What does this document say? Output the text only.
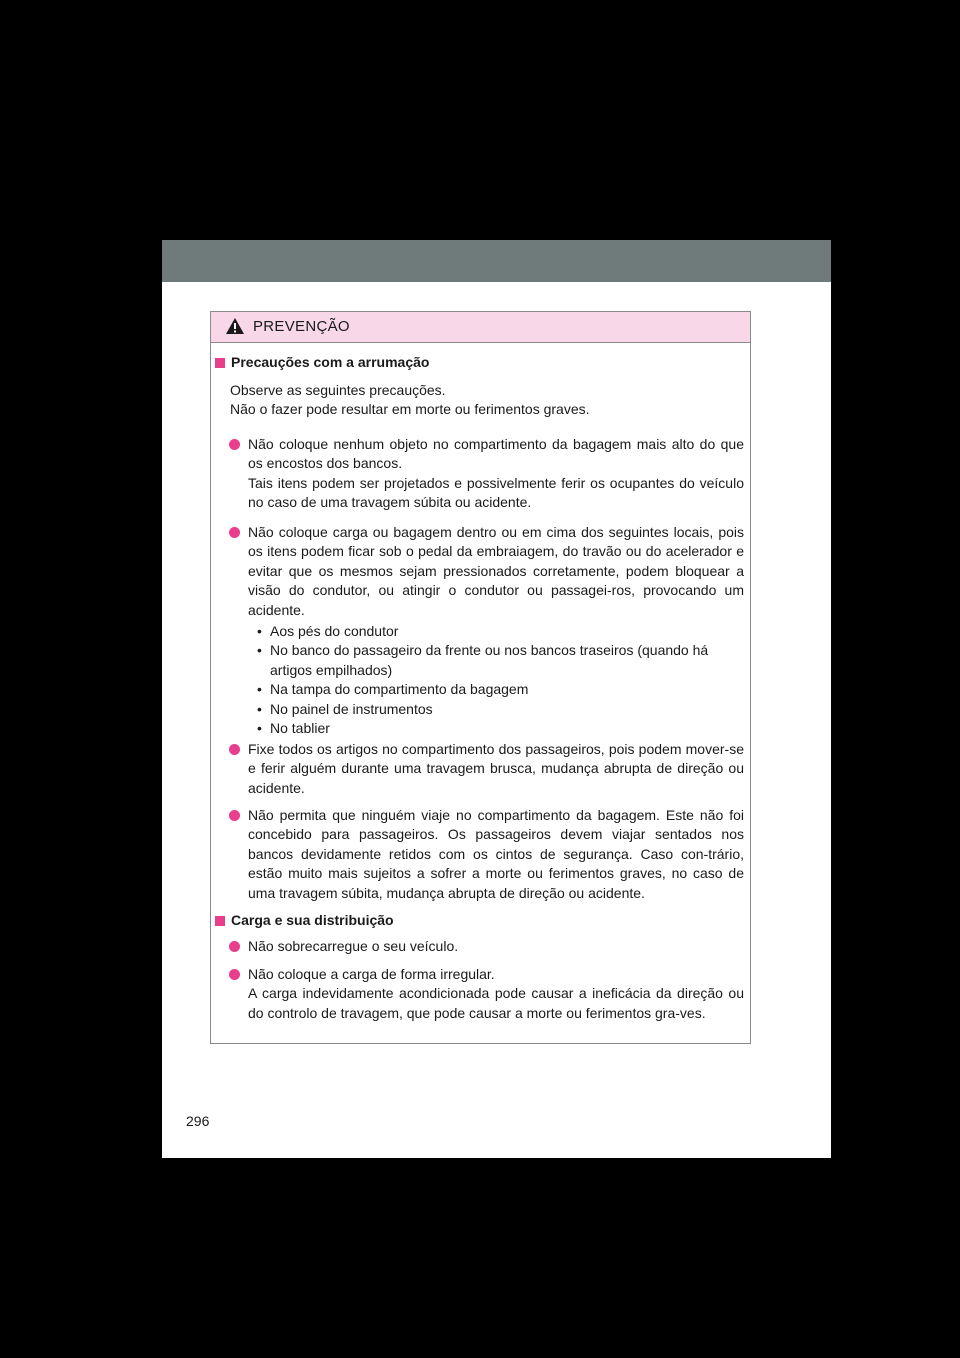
PREVENÇÃO
Precauções com a arrumação
Observe as seguintes precauções.
Não o fazer pode resultar em morte ou ferimentos graves.
Não coloque nenhum objeto no compartimento da bagagem mais alto do que os encostos dos bancos.
Tais itens podem ser projetados e possivelmente ferir os ocupantes do veículo no caso de uma travagem súbita ou acidente.
Não coloque carga ou bagagem dentro ou em cima dos seguintes locais, pois os itens podem ficar sob o pedal da embraiagem, do travão ou do acelerador e evitar que os mesmos sejam pressionados corretamente, podem bloquear a visão do condutor, ou atingir o condutor ou passagei-ros, provocando um acidente.
• Aos pés do condutor
• No banco do passageiro da frente ou nos bancos traseiros (quando há artigos empilhados)
• Na tampa do compartimento da bagagem
• No painel de instrumentos
• No tablier
Fixe todos os artigos no compartimento dos passageiros, pois podem mover-se e ferir alguém durante uma travagem brusca, mudança abrupta de direção ou acidente.
Não permita que ninguém viaje no compartimento da bagagem. Este não foi concebido para passageiros. Os passageiros devem viajar sentados nos bancos devidamente retidos com os cintos de segurança. Caso con-trário, estão muito mais sujeitos a sofrer a morte ou ferimentos graves, no caso de uma travagem súbita, mudança abrupta de direção ou acidente.
Carga e sua distribuição
Não sobrecarregue o seu veículo.
Não coloque a carga de forma irregular.
A carga indevidamente acondicionada pode causar a ineficácia da direção ou do controlo de travagem, que pode causar a morte ou ferimentos gra-ves.
296
